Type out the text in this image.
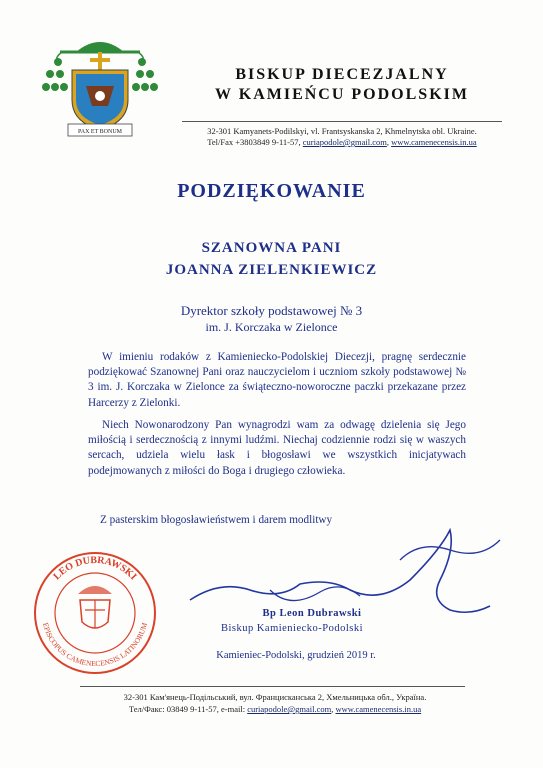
PAX ET BONUM
BISKUP DIECEZJALNY
W KAMIEŃCU PODOLSKIM
32-301 Kamyanets-Podilskyi, vl. Frantsyskanska 2, Khmelnytska obl. Ukraine.
Tel/Fax +3803849 9-11-57, curiapodole@gmail.com, www.camenecensis.in.ua
PODZIĘKOWANIE
SZANOWNA PANI
JOANNA ZIELENKIEWICZ
Dyrektor szkoły podstawowej № 3
im. J. Korczaka w Zielonce
W imieniu rodaków z Kamieniecko-Podolskiej Diecezji, pragnę serdecznie podziękować Szanownej Pani oraz nauczycielom i uczniom szkoły podstawowej № 3 im. J. Korczaka w Zielonce za świąteczno-noworoczne paczki przekazane przez Harcerzy z Zielonki.
Niech Nowonarodzony Pan wynagrodzi wam za odwagę dzielenia się Jego miłością i serdecznością z innymi ludźmi. Niechaj codziennie rodzi się w waszych sercach, udziela wielu łask i błogosławi we wszystkich inicjatywach podejmowanych z miłości do Boga i drugiego człowieka.
Z pasterskim błogosławieństwem i darem modlitwy
LEO DUBRAWSKI
EPISCOPUS CAMENECENSIS LATINORUM
Bp Leon Dubrawski
Biskup Kamieniecko-Podolski
Kamieniec-Podolski, grudzień 2019 r.
32-301 Кам'янець-Подільський, вул. Францисканська 2, Хмельницька обл., Україна.
Тел/Факс: 03849 9-11-57, e-mail: curiapodole@gmail.com, www.camenecensis.in.ua
